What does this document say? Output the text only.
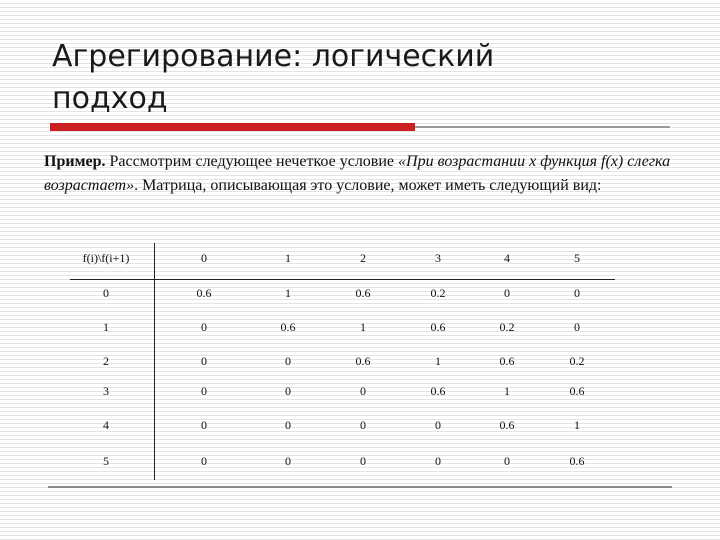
Агрегирование: логический
подход
Пример. Рассмотрим следующее нечеткое условие «При возрастании x функция f(x) слегка возрастает». Матрица, описывающая это условие, может иметь следующий вид:
f(i)\f(i+1)	0	1	2	3	4	5
0	0.6	1	0.6	0.2	0	0
1	0	0.6	1	0.6	0.2	0
2	0	0	0.6	1	0.6	0.2
3	0	0	0	0.6	1	0.6
4	0	0	0	0	0.6	1
5	0	0	0	0	0	0.6
